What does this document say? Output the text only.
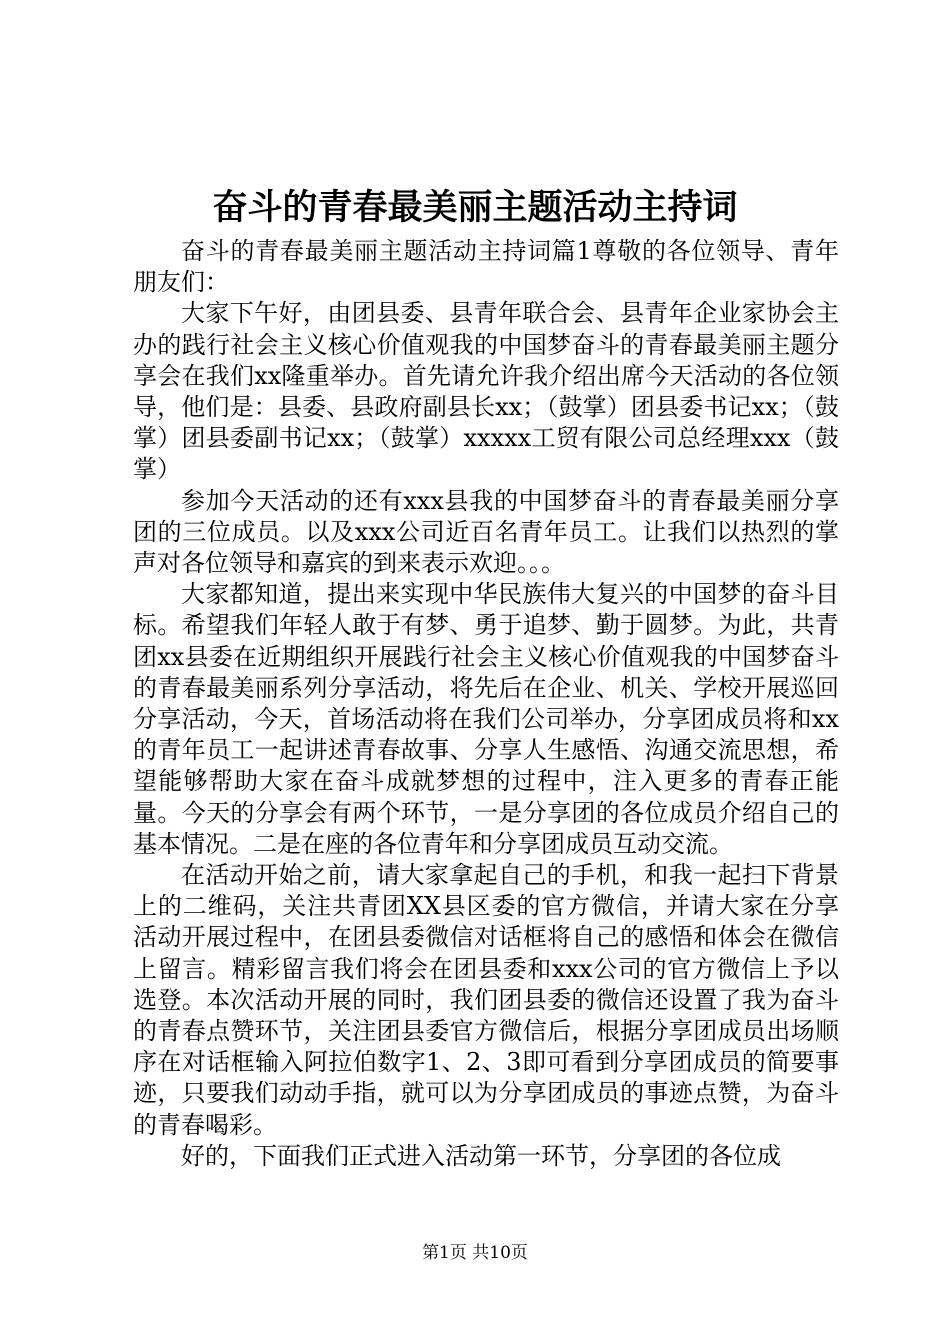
奋斗的青春最美丽主题活动主持词

奋斗的青春最美丽主题活动主持词篇1尊敬的各位领导、青年朋友们：

大家下午好，由团县委、县青年联合会、县青年企业家协会主办的践行社会主义核心价值观我的中国梦奋斗的青春最美丽主题分享会在我们xx隆重举办。首先请允许我介绍出席今天活动的各位领导，他们是：县委、县政府副县长xx；（鼓掌）团县委书记xx；（鼓掌）团县委副书记xx；（鼓掌）xxxxx工贸有限公司总经理xxx（鼓掌）

参加今天活动的还有xxx县我的中国梦奋斗的青春最美丽分享团的三位成员。以及xxx公司近百名青年员工。让我们以热烈的掌声对各位领导和嘉宾的到来表示欢迎。。。

大家都知道，提出来实现中华民族伟大复兴的中国梦的奋斗目标。希望我们年轻人敢于有梦、勇于追梦、勤于圆梦。为此，共青团xx县委在近期组织开展践行社会主义核心价值观我的中国梦奋斗的青春最美丽系列分享活动，将先后在企业、机关、学校开展巡回分享活动，今天，首场活动将在我们公司举办，分享团成员将和xx的青年员工一起讲述青春故事、分享人生感悟、沟通交流思想，希望能够帮助大家在奋斗成就梦想的过程中，注入更多的青春正能量。今天的分享会有两个环节，一是分享团的各位成员介绍自己的基本情况。二是在座的各位青年和分享团成员互动交流。

在活动开始之前，请大家拿起自己的手机，和我一起扫下背景上的二维码，关注共青团XX县区委的官方微信，并请大家在分享活动开展过程中，在团县委微信对话框将自己的感悟和体会在微信上留言。精彩留言我们将会在团县委和xxx公司的官方微信上予以选登。本次活动开展的同时，我们团县委的微信还设置了我为奋斗的青春点赞环节，关注团县委官方微信后，根据分享团成员出场顺序在对话框输入阿拉伯数字1、2、3即可看到分享团成员的简要事迹，只要我们动动手指，就可以为分享团成员的事迹点赞，为奋斗的青春喝彩。

好的，下面我们正式进入活动第一环节，分享团的各位成

第1页 共10页
